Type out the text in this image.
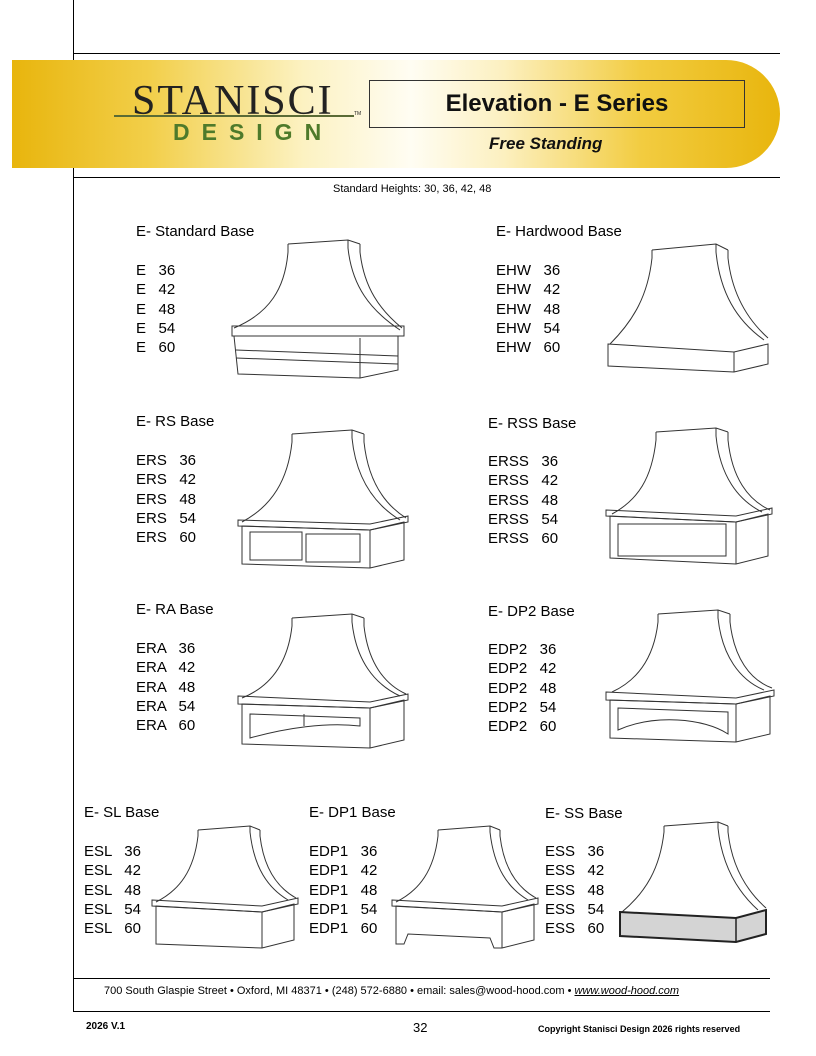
STANISCI	TM
DESIGN
Elevation - E Series
Free Standing
Standard Heights: 30, 36, 42, 48
E- Standard Base
E   36
E   42
E   48
E   54
E   60
E- Hardwood Base
EHW   36
EHW   42
EHW   48
EHW   54
EHW   60
E- RS Base
ERS   36
ERS   42
ERS   48
ERS   54
ERS   60
E- RSS Base
ERSS   36
ERSS   42
ERSS   48
ERSS   54
ERSS   60
E- RA Base
ERA   36
ERA   42
ERA   48
ERA   54
ERA   60
E- DP2 Base
EDP2   36
EDP2   42
EDP2   48
EDP2   54
EDP2   60
E- SL Base
ESL   36
ESL   42
ESL   48
ESL   54
ESL   60
E- DP1 Base
EDP1   36
EDP1   42
EDP1   48
EDP1   54
EDP1   60
E- SS Base
ESS   36
ESS   42
ESS   48
ESS   54
ESS   60
700 South Glaspie Street • Oxford, MI 48371 • (248) 572-6880 • email: sales@wood-hood.com • www.wood-hood.com
2026 V.1	32	Copyright Stanisci Design 2026 rights reserved
